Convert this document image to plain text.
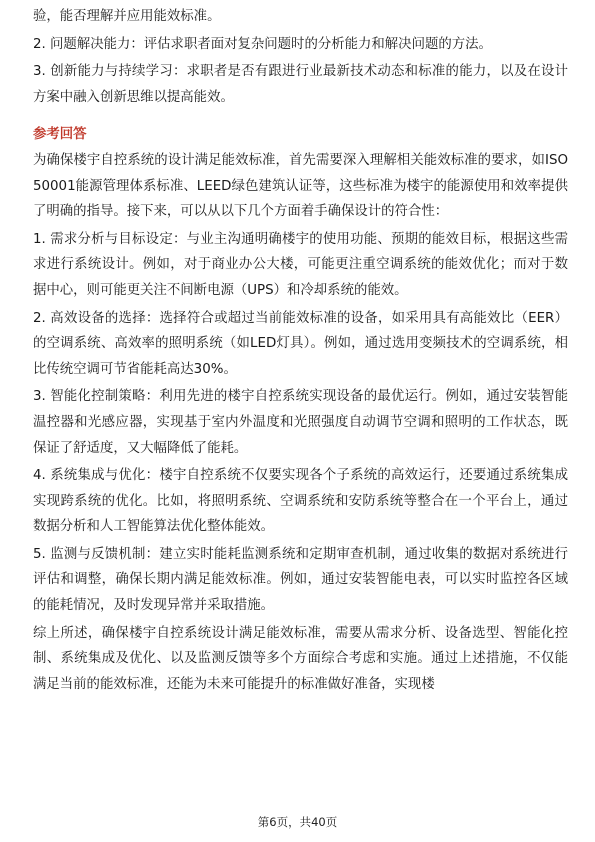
验，能否理解并应用能效标准。

2. 问题解决能力：评估求职者面对复杂问题时的分析能力和解决问题的方法。

3. 创新能力与持续学习：求职者是否有跟进行业最新技术动态和标准的能力，以及在设计方案中融入创新思维以提高能效。

参考回答

为确保楼宇自控系统的设计满足能效标准，首先需要深入理解相关能效标准的要求，如ISO 50001能源管理体系标准、LEED绿色建筑认证等，这些标准为楼宇的能源使用和效率提供了明确的指导。接下来，可以从以下几个方面着手确保设计的符合性：

1. 需求分析与目标设定：与业主沟通明确楼宇的使用功能、预期的能效目标，根据这些需求进行系统设计。例如，对于商业办公大楼，可能更注重空调系统的能效优化；而对于数据中心，则可能更关注不间断电源（UPS）和冷却系统的能效。

2. 高效设备的选择：选择符合或超过当前能效标准的设备，如采用具有高能效比（EER）的空调系统、高效率的照明系统（如LED灯具）。例如，通过选用变频技术的空调系统，相比传统空调可节省能耗高达30%。

3. 智能化控制策略：利用先进的楼宇自控系统实现设备的最优运行。例如，通过安装智能温控器和光感应器，实现基于室内外温度和光照强度自动调节空调和照明的工作状态，既保证了舒适度，又大幅降低了能耗。

4. 系统集成与优化：楼宇自控系统不仅要实现各个子系统的高效运行，还要通过系统集成实现跨系统的优化。比如，将照明系统、空调系统和安防系统等整合在一个平台上，通过数据分析和人工智能算法优化整体能效。

5. 监测与反馈机制：建立实时能耗监测系统和定期审查机制，通过收集的数据对系统进行评估和调整，确保长期内满足能效标准。例如，通过安装智能电表，可以实时监控各区域的能耗情况，及时发现异常并采取措施。

综上所述，确保楼宇自控系统设计满足能效标准，需要从需求分析、设备选型、智能化控制、系统集成及优化、以及监测反馈等多个方面综合考虑和实施。通过上述措施，不仅能满足当前的能效标准，还能为未来可能提升的标准做好准备，实现楼

第6页，共40页
